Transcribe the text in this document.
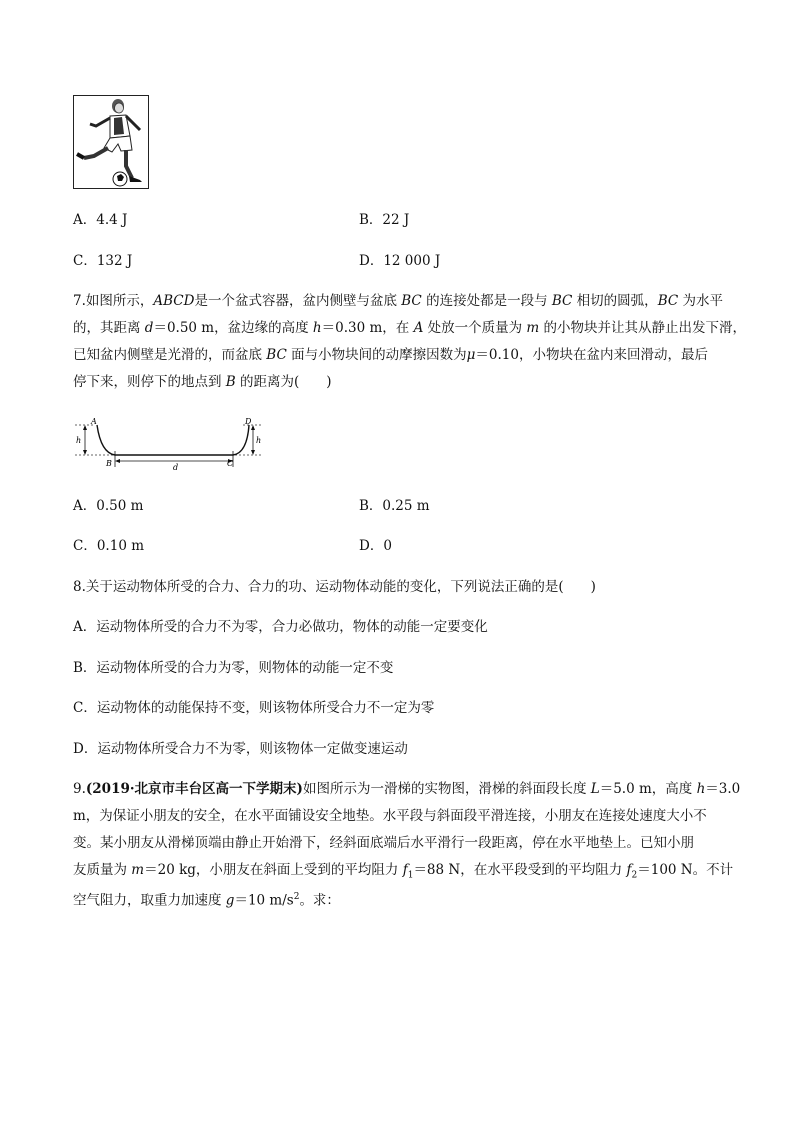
A．4.4 J	B．22 J
C．132 J	D．12 000 J
7.如图所示，ABCD是一个盆式容器，盆内侧壁与盆底 BC 的连接处都是一段与 BC 相切的圆弧，BC 为水平
的，其距离 d＝0.50 m，盆边缘的高度 h＝0.30 m，在 A 处放一个质量为 m 的小物块并让其从静止出发下滑，
已知盆内侧壁是光滑的，而盆底 BC 面与小物块间的动摩擦因数为μ＝0.10，小物块在盆内来回滑动，最后
停下来，则停下的地点到 B 的距离为(　　)
A	D
h	h
B	C
d
A．0.50 m	B．0.25 m
C．0.10 m	D．0
8.关于运动物体所受的合力、合力的功、运动物体动能的变化，下列说法正确的是(　　)
A．运动物体所受的合力不为零，合力必做功，物体的动能一定要变化
B．运动物体所受的合力为零，则物体的动能一定不变
C．运动物体的动能保持不变，则该物体所受合力不一定为零
D．运动物体所受合力不为零，则该物体一定做变速运动
9.(2019·北京市丰台区高一下学期末)如图所示为一滑梯的实物图，滑梯的斜面段长度 L＝5.0 m，高度 h＝3.0
m，为保证小朋友的安全，在水平面铺设安全地垫。水平段与斜面段平滑连接，小朋友在连接处速度大小不
变。某小朋友从滑梯顶端由静止开始滑下，经斜面底端后水平滑行一段距离，停在水平地垫上。已知小朋
友质量为 m＝20 kg，小朋友在斜面上受到的平均阻力 $f_1=88$ N，在水平段受到的平均阻力 $f_2=100$ N。不计
空气阻力，取重力加速度 g＝10 $m/s^2$。求：
